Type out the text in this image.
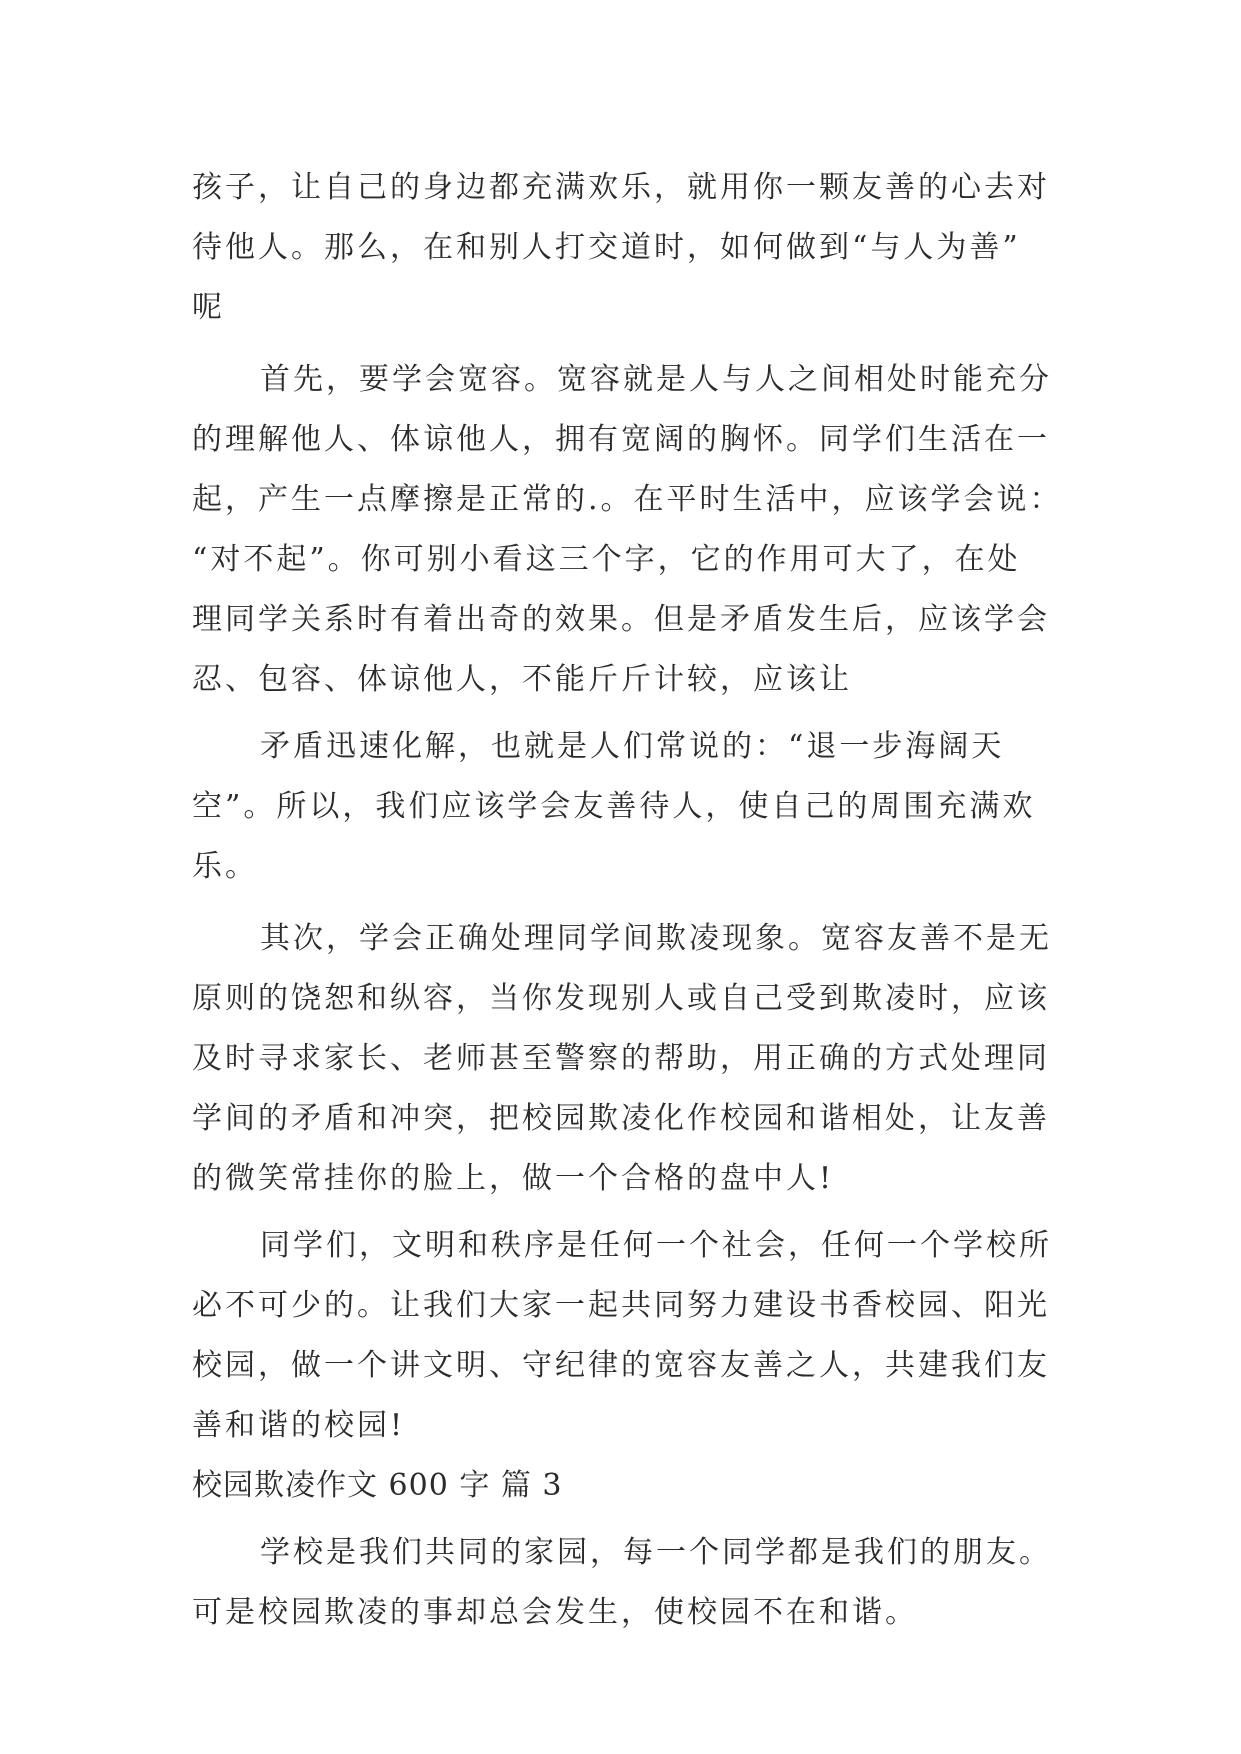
孩子，让自己的身边都充满欢乐，就用你一颗友善的心去对
待他人。那么，在和别人打交道时，如何做到“与人为善”
呢
首先，要学会宽容。宽容就是人与人之间相处时能充分
的理解他人、体谅他人，拥有宽阔的胸怀。同学们生活在一
起，产生一点摩擦是正常的.。在平时生活中，应该学会说：
“对不起”。你可别小看这三个字，它的作用可大了，在处
理同学关系时有着出奇的效果。但是矛盾发生后，应该学会
忍、包容、体谅他人，不能斤斤计较，应该让
矛盾迅速化解，也就是人们常说的：“退一步海阔天
空”。所以，我们应该学会友善待人，使自己的周围充满欢
乐。
其次，学会正确处理同学间欺凌现象。宽容友善不是无
原则的饶恕和纵容，当你发现别人或自己受到欺凌时，应该
及时寻求家长、老师甚至警察的帮助，用正确的方式处理同
学间的矛盾和冲突，把校园欺凌化作校园和谐相处，让友善
的微笑常挂你的脸上，做一个合格的盘中人!
同学们，文明和秩序是任何一个社会，任何一个学校所
必不可少的。让我们大家一起共同努力建设书香校园、阳光
校园，做一个讲文明、守纪律的宽容友善之人，共建我们友
善和谐的校园!
校园欺凌作文 600 字 篇 3
学校是我们共同的家园，每一个同学都是我们的朋友。
可是校园欺凌的事却总会发生，使校园不在和谐。
